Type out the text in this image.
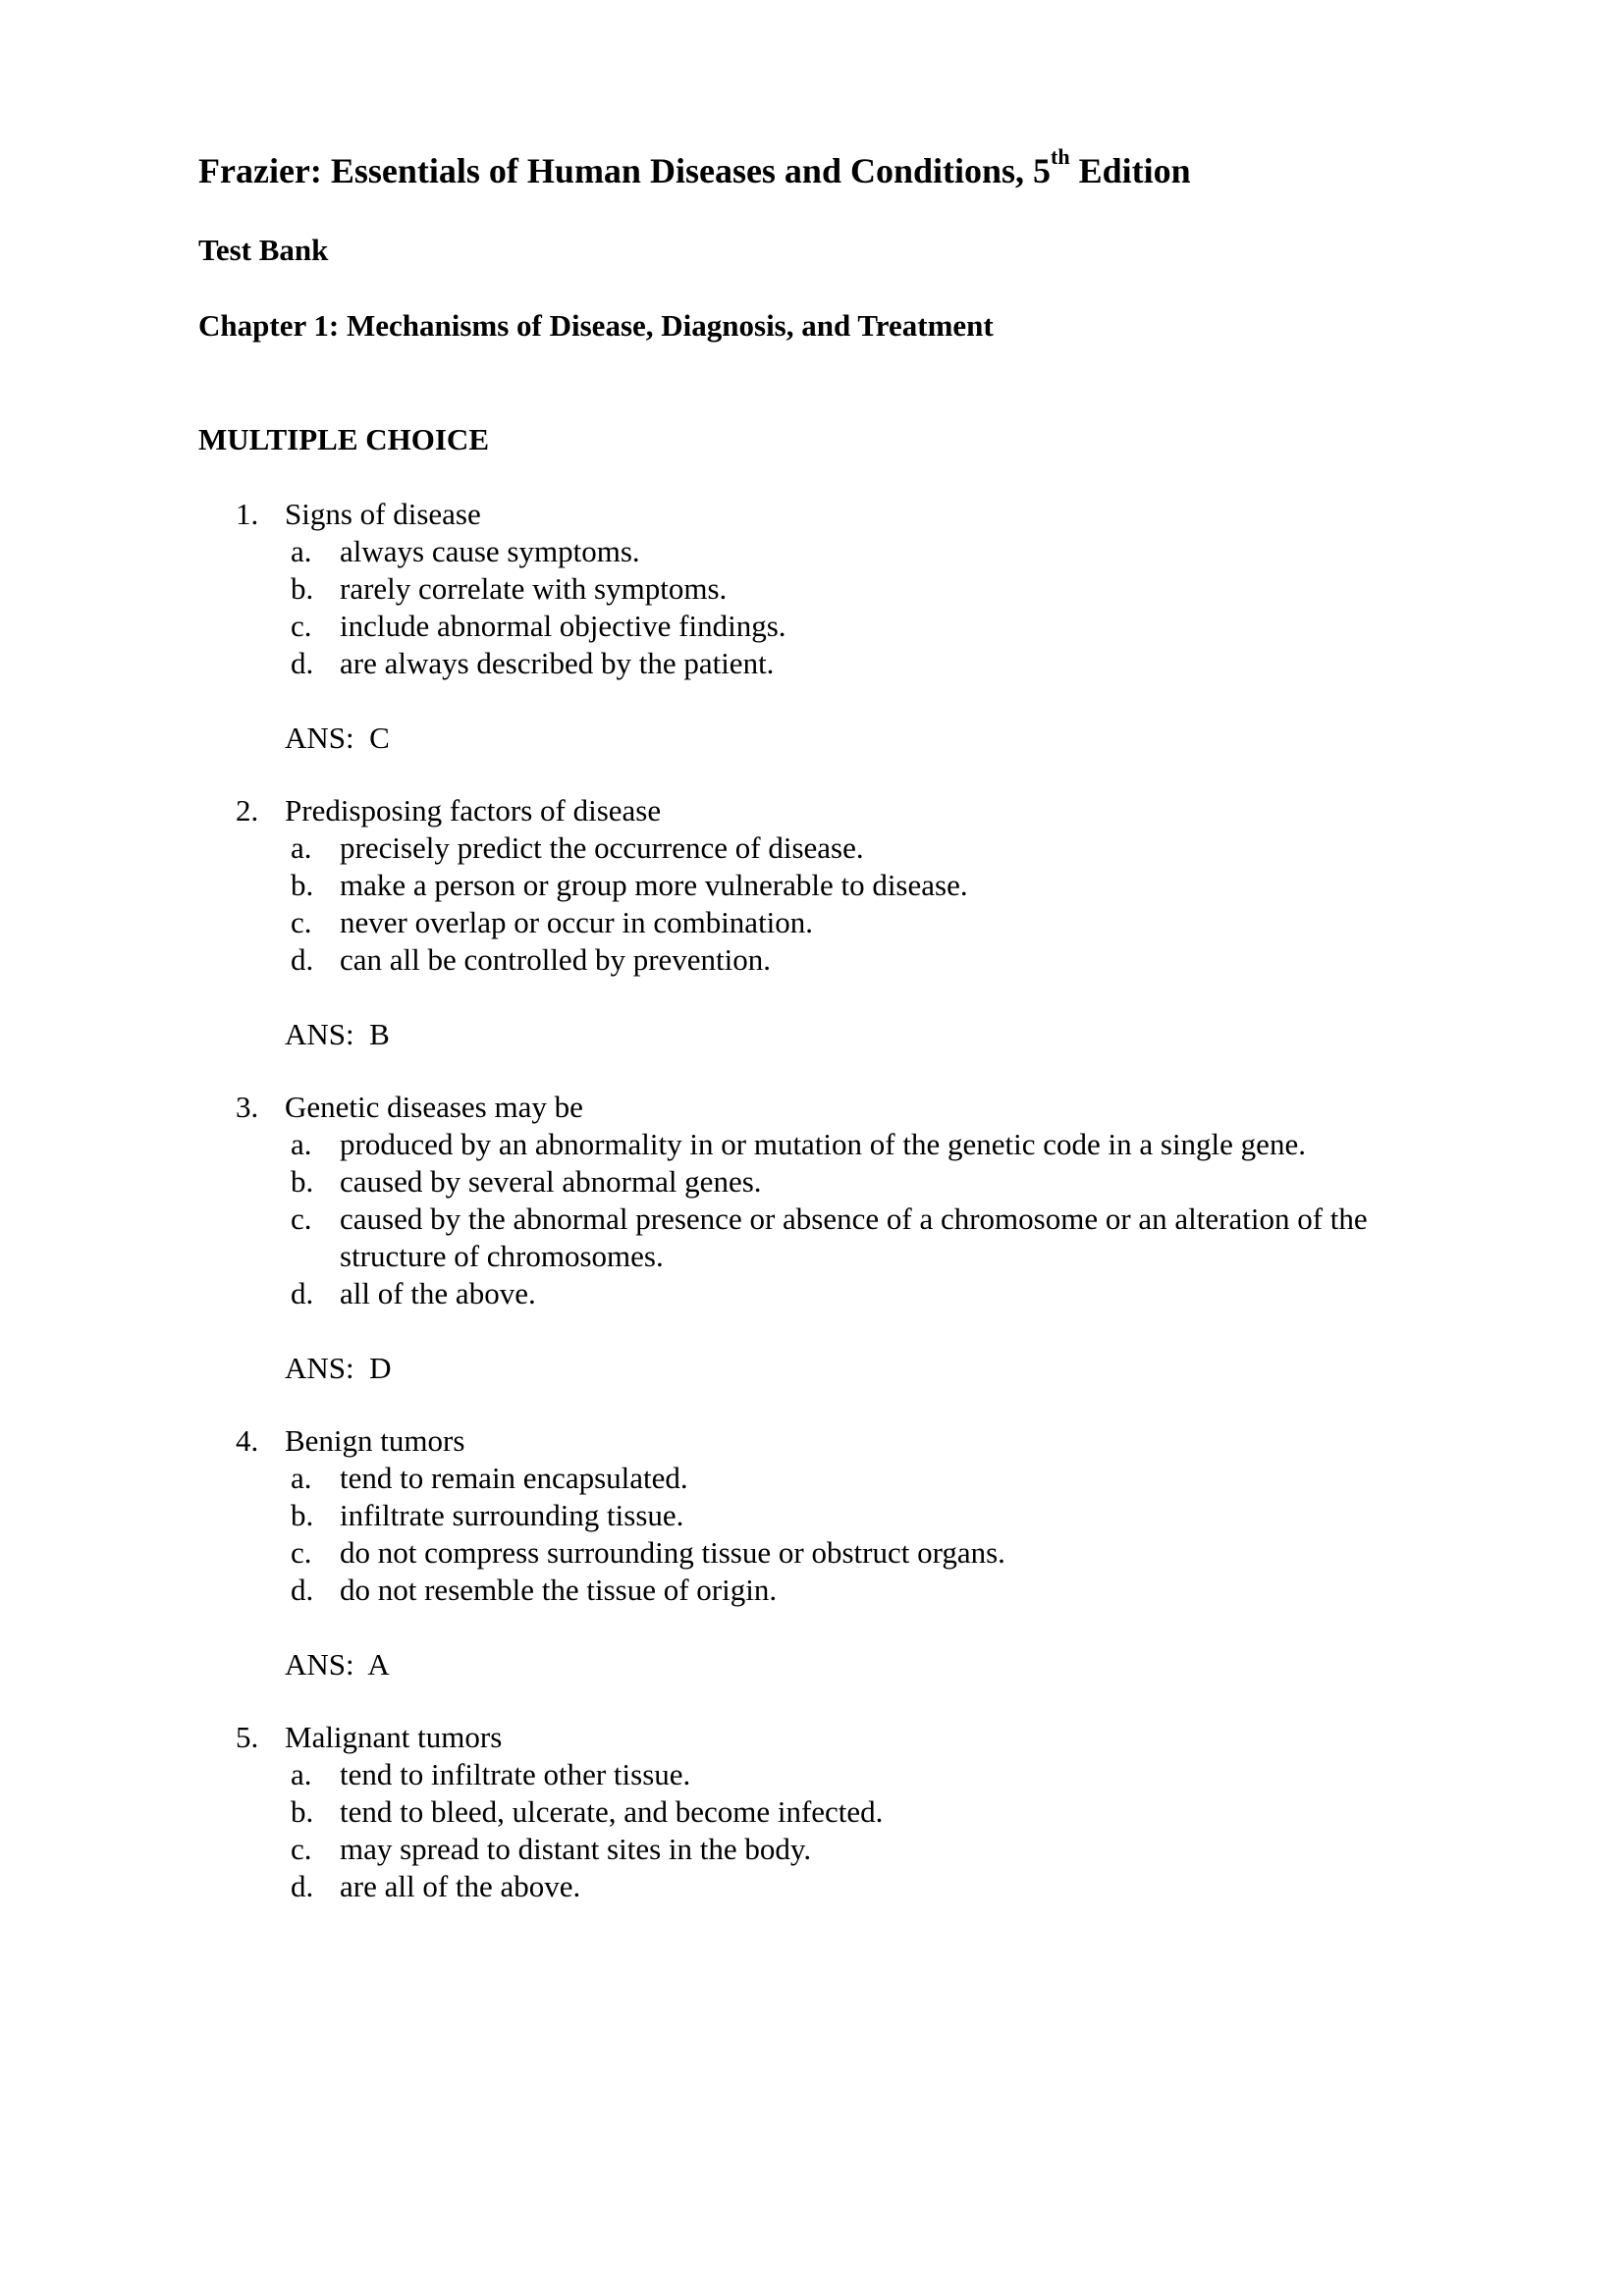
Frazier: Essentials of Human Diseases and Conditions, 5th Edition
Test Bank
Chapter 1: Mechanisms of Disease, Diagnosis, and Treatment
MULTIPLE CHOICE
1. Signs of disease
a. always cause symptoms.
b. rarely correlate with symptoms.
c. include abnormal objective findings.
d. are always described by the patient.
ANS:  C
2. Predisposing factors of disease
a. precisely predict the occurrence of disease.
b. make a person or group more vulnerable to disease.
c. never overlap or occur in combination.
d. can all be controlled by prevention.
ANS:  B
3. Genetic diseases may be
a. produced by an abnormality in or mutation of the genetic code in a single gene.
b. caused by several abnormal genes.
c. caused by the abnormal presence or absence of a chromosome or an alteration of the structure of chromosomes.
d. all of the above.
ANS:  D
4. Benign tumors
a. tend to remain encapsulated.
b. infiltrate surrounding tissue.
c. do not compress surrounding tissue or obstruct organs.
d. do not resemble the tissue of origin.
ANS:  A
5. Malignant tumors
a. tend to infiltrate other tissue.
b. tend to bleed, ulcerate, and become infected.
c. may spread to distant sites in the body.
d. are all of the above.
